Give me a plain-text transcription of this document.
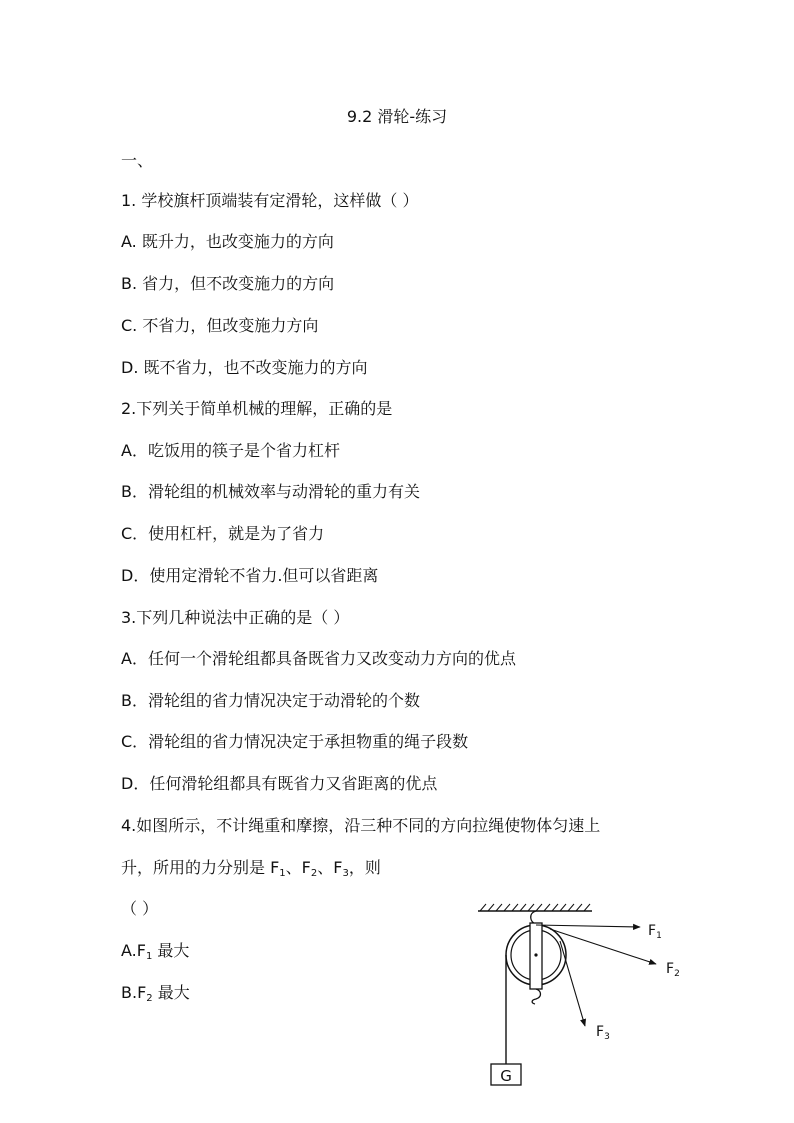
9.2 滑轮-练习
一、
1. 学校旗杆顶端装有定滑轮，这样做（ ）
A. 既升力，也改变施力的方向
B. 省力，但不改变施力的方向
C. 不省力，但改变施力方向
D. 既不省力，也不改变施力的方向
2.下列关于简单机械的理解，正确的是
A．吃饭用的筷子是个省力杠杆
B．滑轮组的机械效率与动滑轮的重力有关
C．使用杠杆，就是为了省力
D．使用定滑轮不省力.但可以省距离
3.下列几种说法中正确的是（ ）
A．任何一个滑轮组都具备既省力又改变动力方向的优点
B．滑轮组的省力情况决定于动滑轮的个数
C．滑轮组的省力情况决定于承担物重的绳子段数
D．任何滑轮组都具有既省力又省距离的优点
4.如图所示，不计绳重和摩擦，沿三种不同的方向拉绳使物体匀速上
升，所用的力分别是 $F_1$、$F_2$、$F_3$，则
（ ）
$A.F_1$ 最大
$B.F_2$ 最大
G
$F_1$
$F_2$
$F_3$
